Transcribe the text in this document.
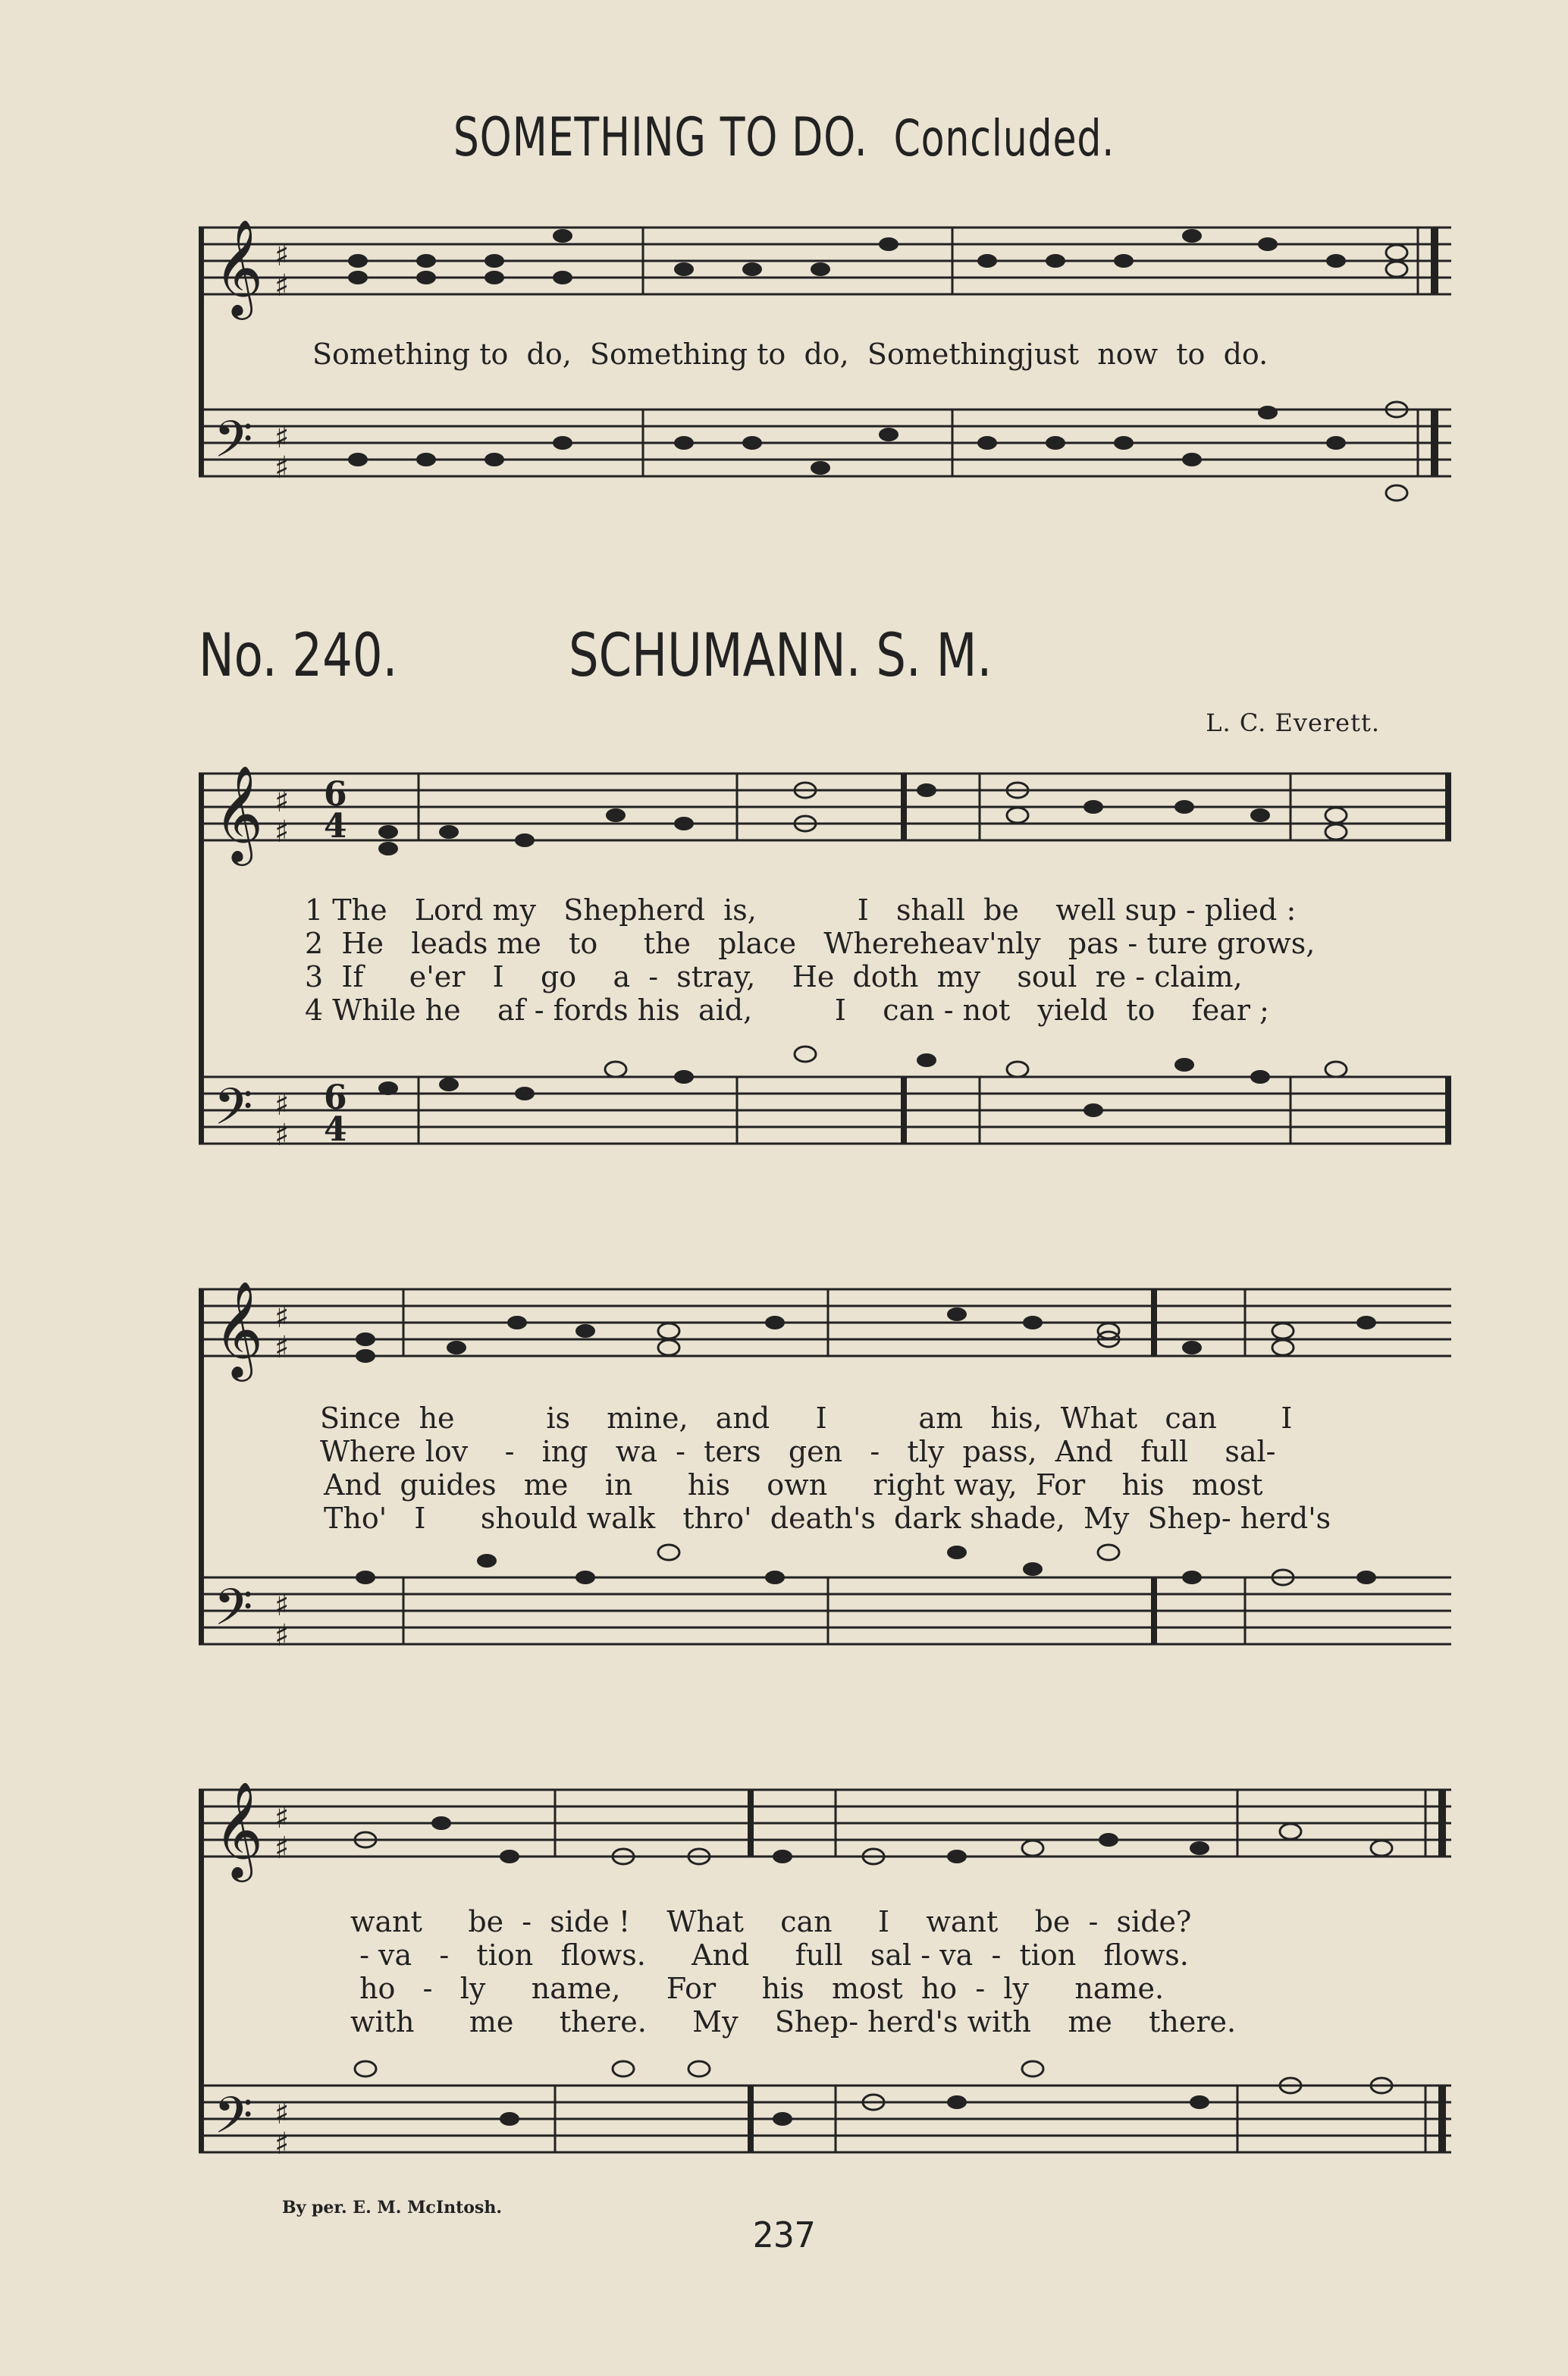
SOMETHING TO DO. Concluded.
𝄞
𝄢
♯
♯
♯
♯
Something to  do,  Something to  do,  Somethingjust  now  to  do.
No. 240.	SCHUMANN. S. M.
L. C. Everett.
𝄞
𝄢
♯
♯
♯
♯
6
4
6
4
1 The   Lord my   Shepherd  is,           I   shall  be    well sup - plied :
2  He   leads me   to     the   place   Whereheav'nly   pas - ture grows,
3  If     e'er   I    go    a  -  stray,    He  doth  my    soul  re - claim,
4 While he    af - fords his  aid,         I    can - not   yield  to    fear ;
𝄞
𝄢
♯
♯
♯
♯
Since  he          is    mine,   and     I          am   his,  What   can       I
Where lov    -   ing   wa  -  ters   gen   -   tly  pass,  And   full    sal-
And  guides   me    in      his    own     right way,  For    his   most
Tho'   I      should walk   thro'  death's  dark shade,  My  Shep- herd's
𝄞
𝄢
♯
♯
♯
♯
want     be  -  side !    What    can     I    want    be  -  side?
- va   -   tion   flows.     And     full   sal - va  -  tion   flows.
ho   -   ly     name,     For     his   most  ho  -  ly     name.
with      me     there.     My    Shep- herd's with    me    there.
By per. E. M. McIntosh.
237
